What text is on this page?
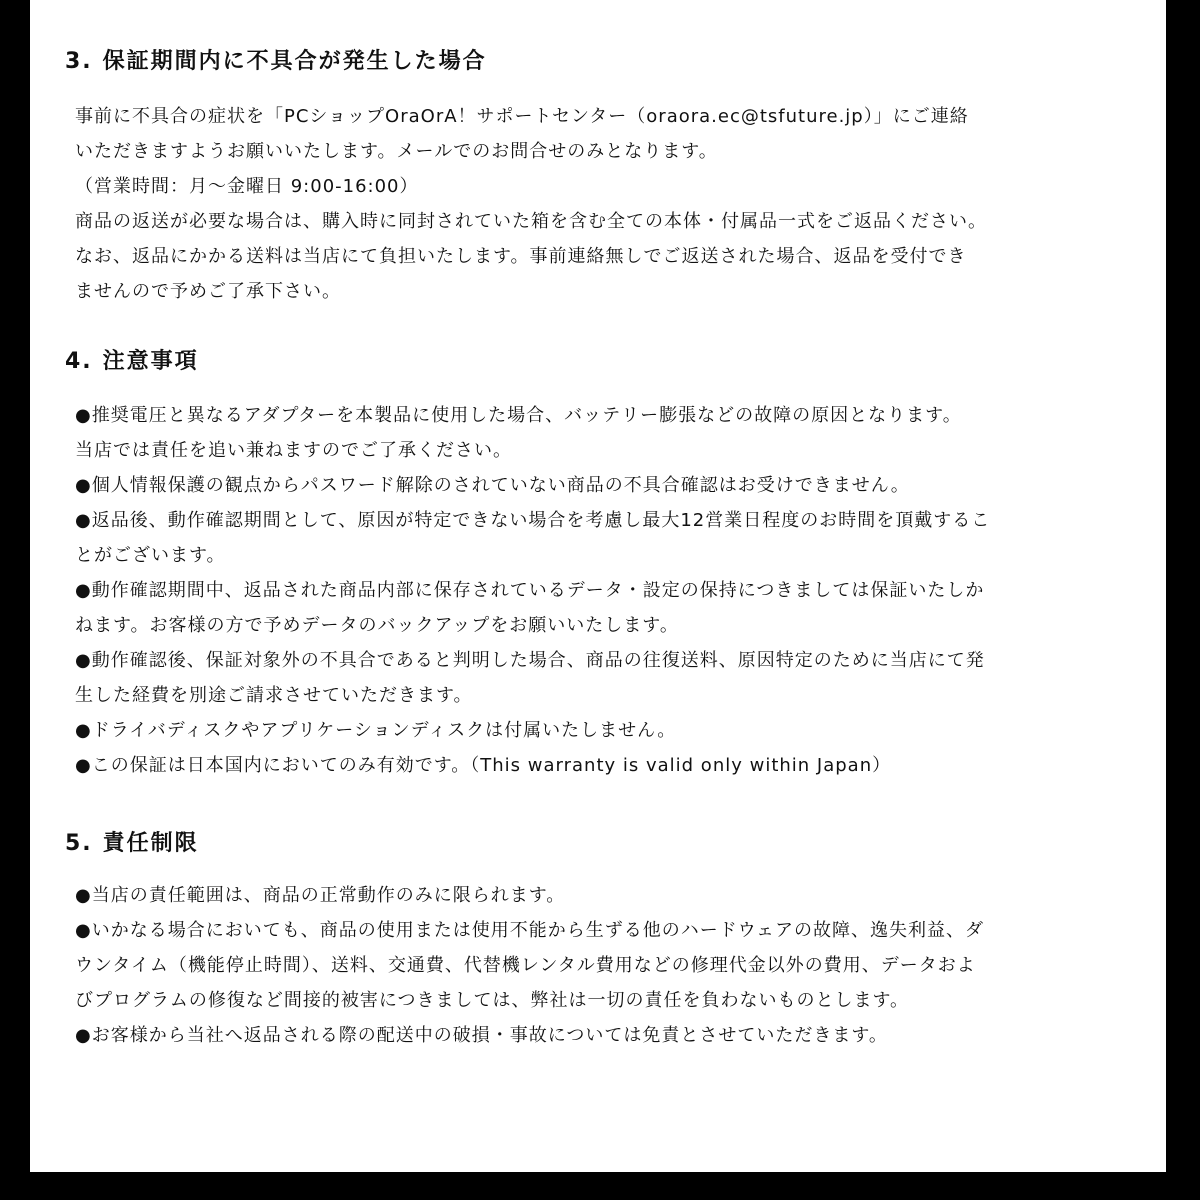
3. 保証期間内に不具合が発生した場合
事前に不具合の症状を「PCショップOraOrA！サポートセンター（oraora.ec@tsfuture.jp）」にご連絡
いただきますようお願いいたします。メールでのお問合せのみとなります。
（営業時間：月～金曜日 9:00-16:00）
商品の返送が必要な場合は、購入時に同封されていた箱を含む全ての本体・付属品一式をご返品ください。
なお、返品にかかる送料は当店にて負担いたします。事前連絡無しでご返送された場合、返品を受付でき
ませんので予めご了承下さい。
4. 注意事項
●推奨電圧と異なるアダプターを本製品に使用した場合、バッテリー膨張などの故障の原因となります。
当店では責任を追い兼ねますのでご了承ください。
●個人情報保護の観点からパスワード解除のされていない商品の不具合確認はお受けできません。
●返品後、動作確認期間として、原因が特定できない場合を考慮し最大12営業日程度のお時間を頂戴するこ
とがございます。
●動作確認期間中、返品された商品内部に保存されているデータ・設定の保持につきましては保証いたしか
ねます。お客様の方で予めデータのバックアップをお願いいたします。
●動作確認後、保証対象外の不具合であると判明した場合、商品の往復送料、原因特定のために当店にて発
生した経費を別途ご請求させていただきます。
●ドライバディスクやアプリケーションディスクは付属いたしません。
●この保証は日本国内においてのみ有効です。（This warranty is valid only within Japan）
5. 責任制限
●当店の責任範囲は、商品の正常動作のみに限られます。
●いかなる場合においても、商品の使用または使用不能から生ずる他のハードウェアの故障、逸失利益、ダ
ウンタイム（機能停止時間）、送料、交通費、代替機レンタル費用などの修理代金以外の費用、データおよ
びプログラムの修復など間接的被害につきましては、弊社は一切の責任を負わないものとします。
●お客様から当社へ返品される際の配送中の破損・事故については免責とさせていただきます。
